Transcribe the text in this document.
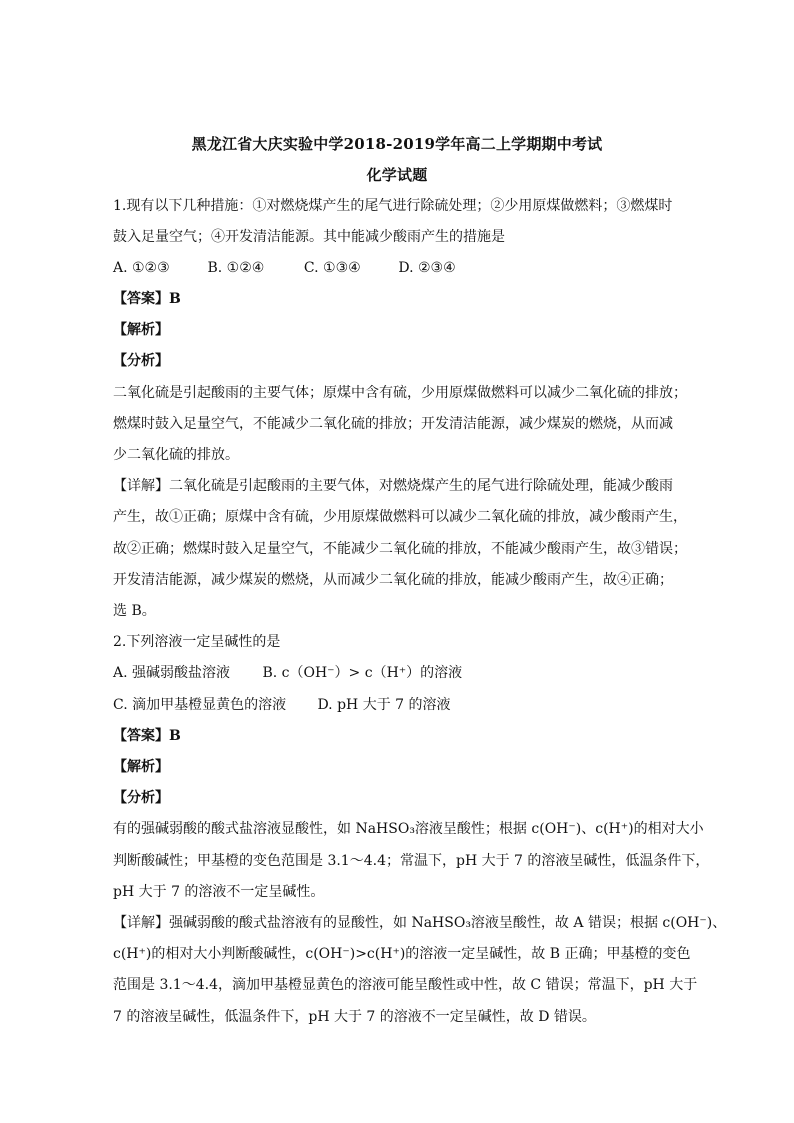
黑龙江省大庆实验中学2018-2019学年高二上学期期中考试
化学试题
1.现有以下几种措施：①对燃烧煤产生的尾气进行除硫处理；②少用原煤做燃料；③燃煤时
鼓入足量空气；④开发清洁能源。其中能减少酸雨产生的措施是
A. ①②③	B. ①②④	C. ①③④	D. ②③④
【答案】B
【解析】
【分析】
二氧化硫是引起酸雨的主要气体；原煤中含有硫，少用原煤做燃料可以减少二氧化硫的排放；
燃煤时鼓入足量空气，不能减少二氧化硫的排放；开发清洁能源，减少煤炭的燃烧，从而减
少二氧化硫的排放。
【详解】二氧化硫是引起酸雨的主要气体，对燃烧煤产生的尾气进行除硫处理，能减少酸雨
产生，故①正确；原煤中含有硫，少用原煤做燃料可以减少二氧化硫的排放，减少酸雨产生，
故②正确；燃煤时鼓入足量空气，不能减少二氧化硫的排放，不能减少酸雨产生，故③错误；
开发清洁能源，减少煤炭的燃烧，从而减少二氧化硫的排放，能减少酸雨产生，故④正确；
选 B。
2.下列溶液一定呈碱性的是
A. 强碱弱酸盐溶液 B. c（OH⁻）> c（H⁺）的溶液
C. 滴加甲基橙显黄色的溶液 D. pH 大于 7 的溶液
【答案】B
【解析】
【分析】
有的强碱弱酸的酸式盐溶液显酸性，如 NaHSO₃溶液呈酸性；根据 c(OH⁻)、c(H⁺)的相对大小
判断酸碱性；甲基橙的变色范围是 3.1～4.4；常温下，pH 大于 7 的溶液呈碱性，低温条件下，
pH 大于 7 的溶液不一定呈碱性。
【详解】强碱弱酸的酸式盐溶液有的显酸性，如 NaHSO₃溶液呈酸性，故 A 错误；根据 c(OH⁻)、
c(H⁺)的相对大小判断酸碱性，c(OH⁻)>c(H⁺)的溶液一定呈碱性，故 B 正确；甲基橙的变色
范围是 3.1～4.4，滴加甲基橙显黄色的溶液可能呈酸性或中性，故 C 错误；常温下，pH 大于
7 的溶液呈碱性，低温条件下，pH 大于 7 的溶液不一定呈碱性，故 D 错误。
